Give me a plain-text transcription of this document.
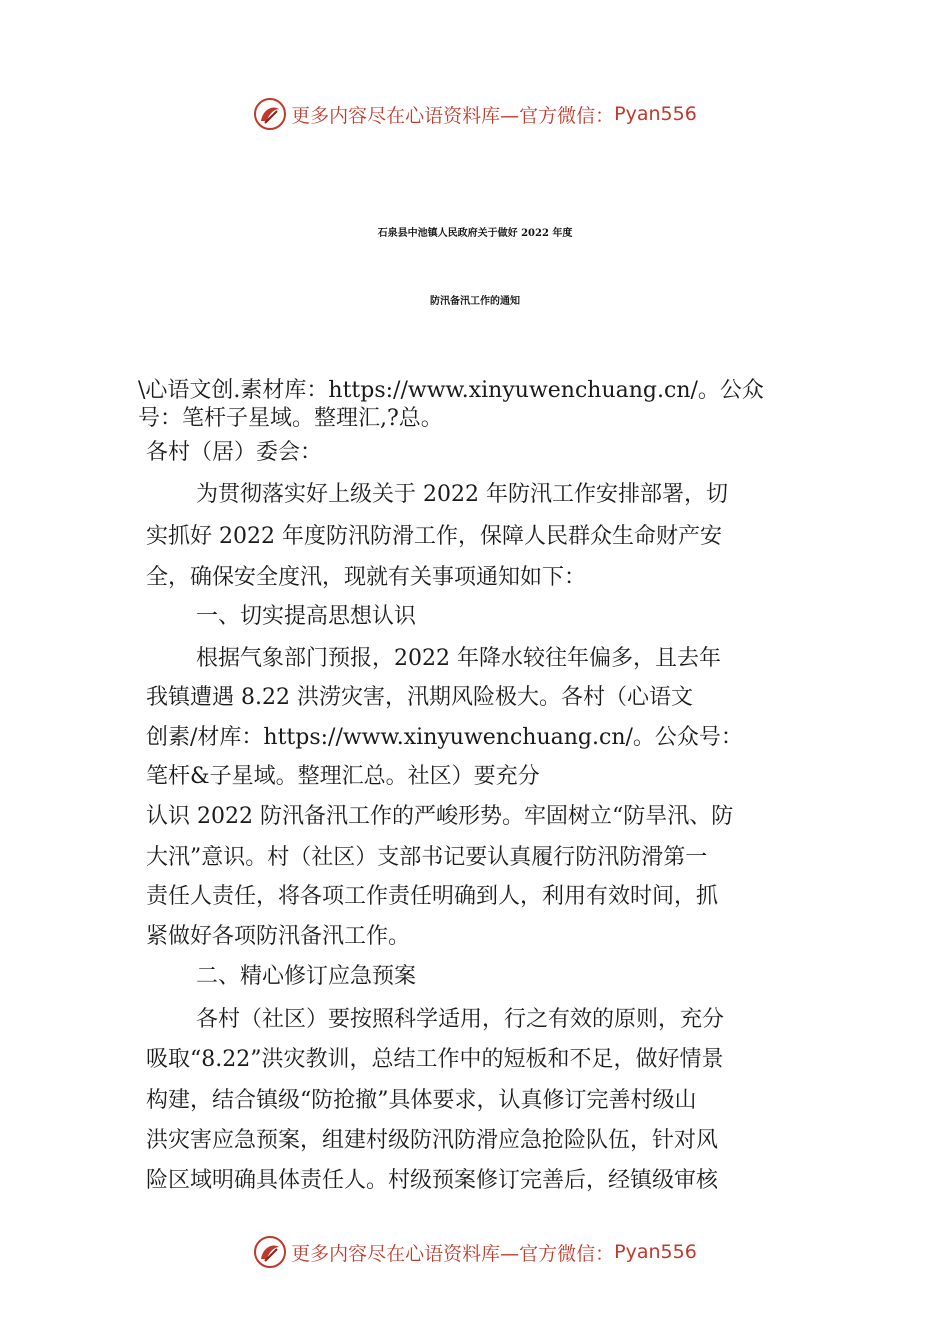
更多内容尽在心语资料库—官方微信： Pyan556
石泉县中池镇人民政府关于做好 2022 年度
防汛备汛工作的通知
\心语文创.素材库：https://www.xinyuwenchuang.cn/。公众
号：笔杆子星域。整理汇,?总。
各村（居）委会：
为贯彻落实好上级关于 2022 年防汛工作安排部署，切
实抓好 2022 年度防汛防滑工作，保障人民群众生命财产安
全，确保安全度汛，现就有关事项通知如下：
一、切实提高思想认识
根据气象部门预报，2022 年降水较往年偏多，且去年
我镇遭遇 8.22 洪涝灾害，汛期风险极大。各村（心语文
创素/材库：https://www.xinyuwenchuang.cn/。公众号：
笔杆&子星域。整理汇总。社区）要充分
认识 2022 防汛备汛工作的严峻形势。牢固树立“防旱汛、防
大汛”意识。村（社区）支部书记要认真履行防汛防滑第一
责任人责任，将各项工作责任明确到人，利用有效时间，抓
紧做好各项防汛备汛工作。
二、精心修订应急预案
各村（社区）要按照科学适用，行之有效的原则，充分
吸取“8.22”洪灾教训，总结工作中的短板和不足，做好情景
构建，结合镇级“防抢撤”具体要求，认真修订完善村级山
洪灾害应急预案，组建村级防汛防滑应急抢险队伍，针对风
险区域明确具体责任人。村级预案修订完善后，经镇级审核
更多内容尽在心语资料库—官方微信： Pyan556
